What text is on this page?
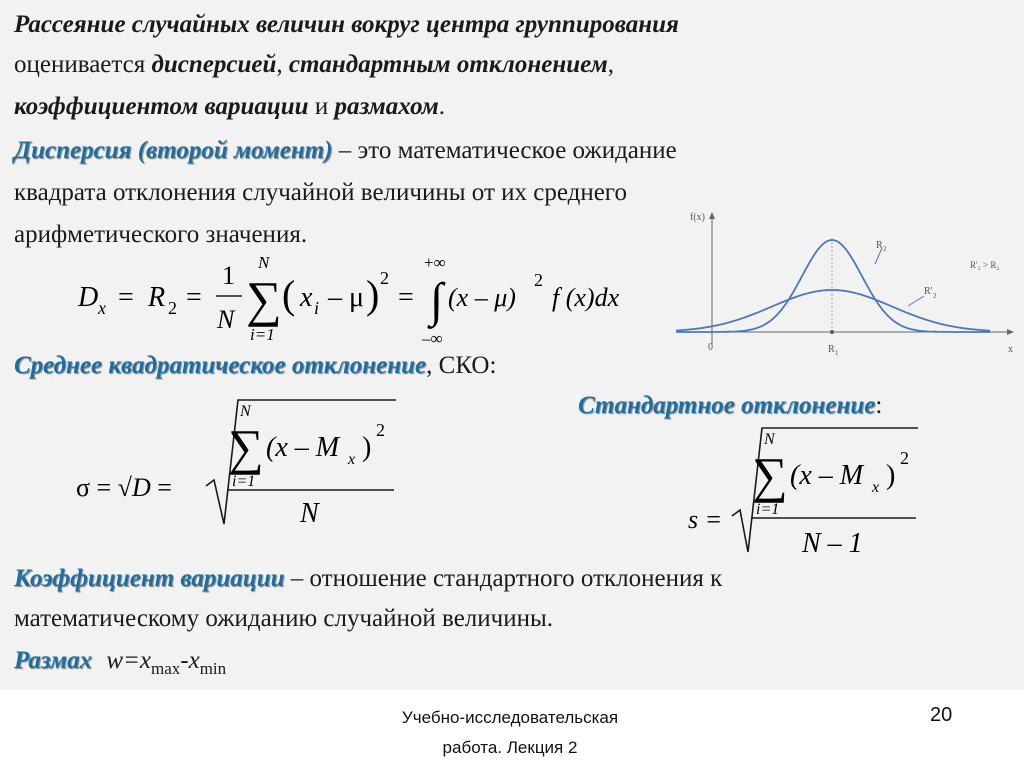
Рассеяние случайных величин вокруг центра группирования
оценивается дисперсией, стандартным отклонением,
коэффициентом вариации и размахом.
Дисперсия (второй момент) – это математическое ожидание
квадрата отклонения случайной величины от их среднего
арифметического значения.
D x R
= 2 =
1
N
N
∑
i=1
( x i – μ ) 2
=
+∞
∫
–∞
(x – μ)
2
f (x)dx
f(x)
x
0	R 1
R 2
R' 2
R'₂ > R₂
Среднее квадратическое отклонение, СКО:
Стандартное отклонение:
σ = √D =
N
∑
i=1
(x – M x )
2
N	s =
N
∑
i=1
(x – M x )
2
N – 1
Коэффициент вариации – отношение стандартного отклонения к
математическому ожиданию случайной величины.
Размах $w=x_{max}-x_{min}$
Учебно-исследовательская
работа. Лекция 2
20
